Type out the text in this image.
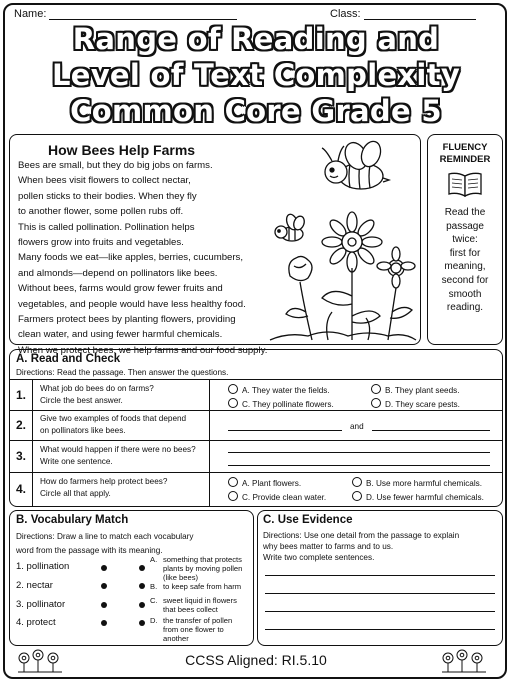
Name:	Class:
Range of Reading and
Level of Text Complexity
Common Core Grade 5
How Bees Help Farms
Bees are small, but they do big jobs on farms.
When bees visit flowers to collect nectar,
pollen sticks to their bodies. When they fly
to another flower, some pollen rubs off.
This is called pollination. Pollination helps
flowers grow into fruits and vegetables.
Many foods we eat—like apples, berries, cucumbers,
and almonds—depend on pollinators like bees.
Without bees, farms would grow fewer fruits and
vegetables, and people would have less healthy food.
Farmers protect bees by planting flowers, providing
clean water, and using fewer harmful chemicals.
When we protect bees, we help farms and our food supply.
FLUENCY
REMINDER
Read the
passage
twice:
first for
meaning,
second for
smooth
reading.
A. Read and Check
Directions: Read the passage. Then answer the questions.
1.	What job do bees do on farms?
Circle the best answer.
A. They water the fields.	B. They plant seeds.
C. They pollinate flowers.	D. They scare pests.
2.	Give two examples of foods that depend
on pollinators like bees.	and
3.	What would happen if there were no bees?
Write one sentence.
4.
How do farmers help protect bees?
Circle all that apply.
A. Plant flowers.	B. Use more harmful chemicals.
C. Provide clean water.	D. Use fewer harmful chemicals.
B. Vocabulary Match
Directions: Draw a line to match each vocabulary
word from the passage with its meaning.
1. pollination
2. nectar
3. pollinator
4. protect
A. something that protects
plants by moving pollen
(like bees)
B. to keep safe from harm
C. sweet liquid in flowers
that bees collect
D. the transfer of pollen
from one flower to
another
C. Use Evidence
Directions: Use one detail from the passage to explain
why bees matter to farms and to us.
Write two complete sentences.
CCSS Aligned: RI.5.10
